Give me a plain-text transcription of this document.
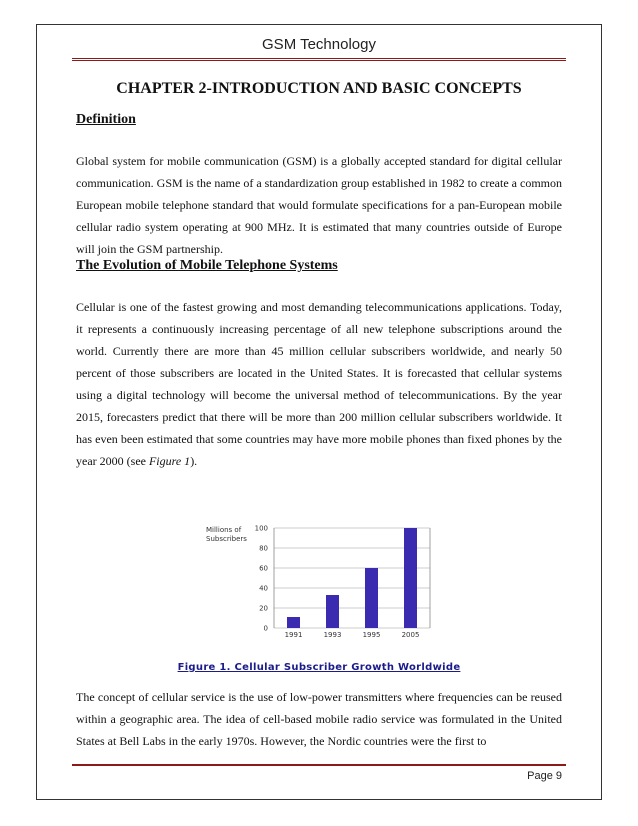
GSM Technology
CHAPTER 2-INTRODUCTION AND BASIC CONCEPTS
Definition
Global system for mobile communication (GSM) is a globally accepted standard for digital cellular communication. GSM is the name of a standardization group established in 1982 to create a common European mobile telephone standard that would formulate specifications for a pan-European mobile cellular radio system operating at 900 MHz. It is estimated that many countries outside of Europe will join the GSM partnership.
The Evolution of Mobile Telephone Systems
Cellular is one of the fastest growing and most demanding telecommunications applications. Today, it represents a continuously increasing percentage of all new telephone subscriptions around the world. Currently there are more than 45 million cellular subscribers worldwide, and nearly 50 percent of those subscribers are located in the United States. It is forecasted that cellular systems using a digital technology will become the universal method of telecommunications. By the year 2015, forecasters predict that there will be more than 200 million cellular subscribers worldwide. It has even been estimated that some countries may have more mobile phones than fixed phones by the year 2000 (see Figure 1).
Millions of
Subscribers
0
20
40
60
80
100
1991	1993	1995	2005
Figure 1. Cellular Subscriber Growth Worldwide
The concept of cellular service is the use of low-power transmitters where frequencies can be reused within a geographic area. The idea of cell-based mobile radio service was formulated in the United States at Bell Labs in the early 1970s. However, the Nordic countries were the first to
Page 9
